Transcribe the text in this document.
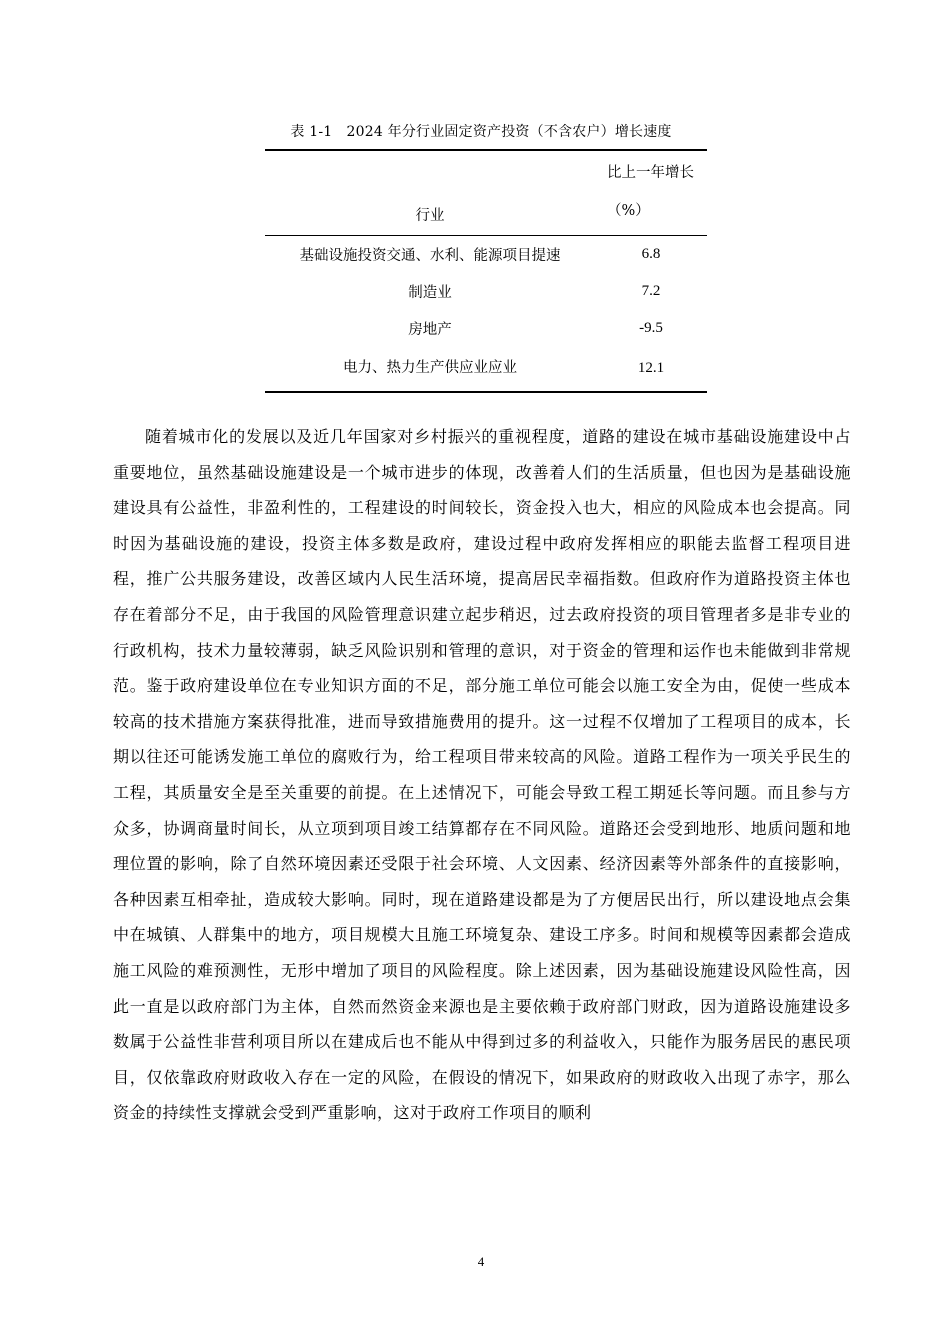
表 1-1　2024 年分行业固定资产投资（不含农户）增长速度
行业	比上一年增长（%）
基础设施投资交通、水利、能源项目提速	6.8
制造业	7.2
房地产	-9.5
电力、热力生产供应业应业	12.1

随着城市化的发展以及近几年国家对乡村振兴的重视程度，道路的建设在城市基础设施建设中占重要地位，虽然基础设施建设是一个城市进步的体现，改善着人们的生活质量，但也因为是基础设施建设具有公益性，非盈利性的，工程建设的时间较长，资金投入也大，相应的风险成本也会提高。同时因为基础设施的建设，投资主体多数是政府，建设过程中政府发挥相应的职能去监督工程项目进程，推广公共服务建设，改善区域内人民生活环境，提高居民幸福指数。但政府作为道路投资主体也存在着部分不足，由于我国的风险管理意识建立起步稍迟，过去政府投资的项目管理者多是非专业的行政机构，技术力量较薄弱，缺乏风险识别和管理的意识，对于资金的管理和运作也未能做到非常规范。鉴于政府建设单位在专业知识方面的不足，部分施工单位可能会以施工安全为由，促使一些成本较高的技术措施方案获得批准，进而导致措施费用的提升。这一过程不仅增加了工程项目的成本，长期以往还可能诱发施工单位的腐败行为，给工程项目带来较高的风险。道路工程作为一项关乎民生的工程，其质量安全是至关重要的前提。在上述情况下，可能会导致工程工期延长等问题。而且参与方众多，协调商量时间长，从立项到项目竣工结算都存在不同风险。道路还会受到地形、地质问题和地理位置的影响，除了自然环境因素还受限于社会环境、人文因素、经济因素等外部条件的直接影响，各种因素互相牵扯，造成较大影响。同时，现在道路建设都是为了方便居民出行，所以建设地点会集中在城镇、人群集中的地方，项目规模大且施工环境复杂、建设工序多。时间和规模等因素都会造成施工风险的难预测性，无形中增加了项目的风险程度。除上述因素，因为基础设施建设风险性高，因此一直是以政府部门为主体，自然而然资金来源也是主要依赖于政府部门财政，因为道路设施建设多数属于公益性非营利项目所以在建成后也不能从中得到过多的利益收入，只能作为服务居民的惠民项目，仅依靠政府财政收入存在一定的风险，在假设的情况下，如果政府的财政收入出现了赤字，那么资金的持续性支撑就会受到严重影响，这对于政府工作项目的顺利

4
